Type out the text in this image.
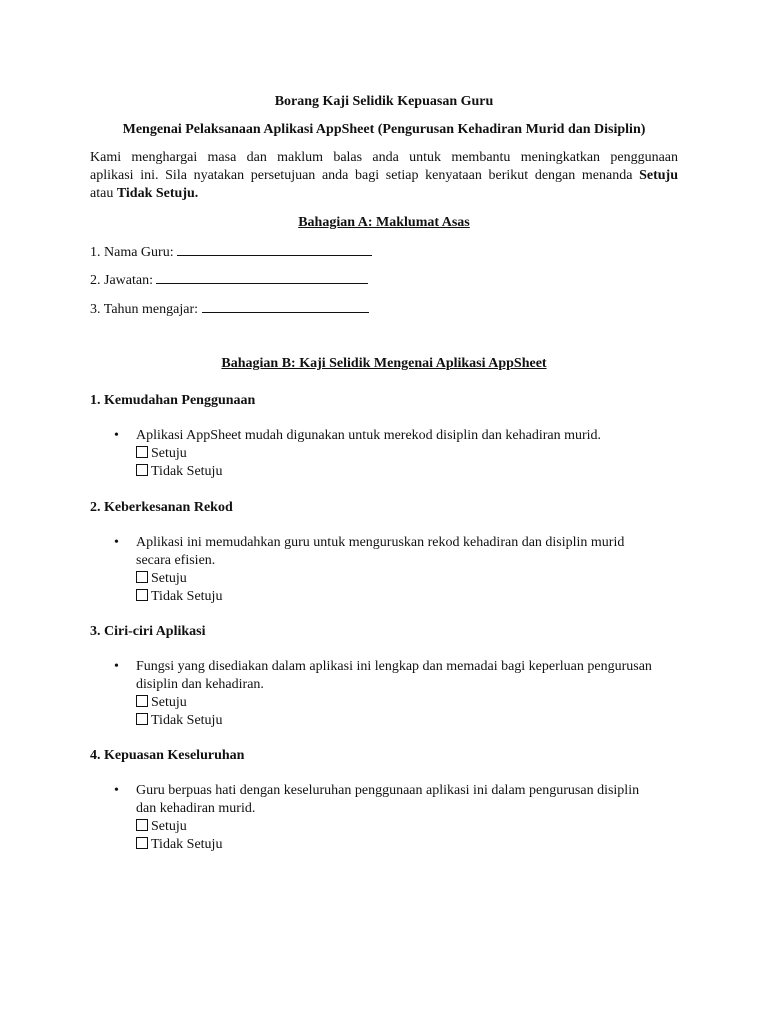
Borang Kaji Selidik Kepuasan Guru
Mengenai Pelaksanaan Aplikasi AppSheet (Pengurusan Kehadiran Murid dan Disiplin)
Kami menghargai masa dan maklum balas anda untuk membantu meningkatkan penggunaan
aplikasi ini. Sila nyatakan persetujuan anda bagi setiap kenyataan berikut dengan menanda Setuju
atau Tidak Setuju.
Bahagian A: Maklumat Asas
1. Nama Guru:
2. Jawatan:
3. Tahun mengajar:
Bahagian B: Kaji Selidik Mengenai Aplikasi AppSheet
1. Kemudahan Penggunaan
• Aplikasi AppSheet mudah digunakan untuk merekod disiplin dan kehadiran murid.
Setuju
Tidak Setuju
2. Keberkesanan Rekod
• Aplikasi ini memudahkan guru untuk menguruskan rekod kehadiran dan disiplin murid
secara efisien.
Setuju
Tidak Setuju
3. Ciri-ciri Aplikasi
• Fungsi yang disediakan dalam aplikasi ini lengkap dan memadai bagi keperluan pengurusan
disiplin dan kehadiran.
Setuju
Tidak Setuju
4. Kepuasan Keseluruhan
• Guru berpuas hati dengan keseluruhan penggunaan aplikasi ini dalam pengurusan disiplin
dan kehadiran murid.
Setuju
Tidak Setuju
